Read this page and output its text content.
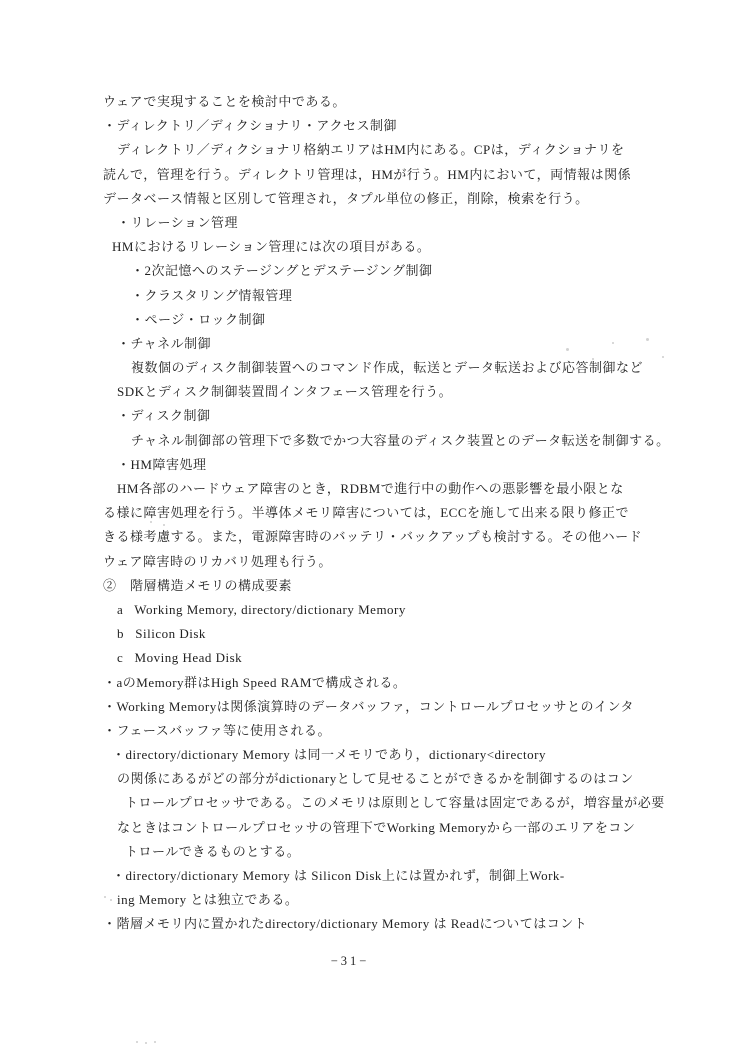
ウェアで実現することを検討中である。
・ディレクトリ／ディクショナリ・アクセス制御
ディレクトリ／ディクショナリ格納エリアはHM内にある。CPは，ディクショナリを
読んで，管理を行う。ディレクトリ管理は，HMが行う。HM内において，両情報は関係
データベース情報と区別して管理され，タプル単位の修正，削除，検索を行う。
・リレーション管理
HMにおけるリレーション管理には次の項目がある。
・2次記憶へのステージングとデステージング制御
・クラスタリング情報管理
・ページ・ロック制御
・チャネル制御
複数個のディスク制御装置へのコマンド作成，転送とデータ転送および応答制御など
SDKとディスク制御装置間インタフェース管理を行う。
・ディスク制御
チャネル制御部の管理下で多数でかつ大容量のディスク装置とのデータ転送を制御する。
・HM障害処理
HM各部のハードウェア障害のとき，RDBMで進行中の動作への悪影響を最小限とな
る様に障害処理を行う。半導体メモリ障害については，ECCを施して出来る限り修正で
きる様考慮する。また，電源障害時のバッテリ・バックアップも検討する。その他ハード
ウェア障害時のリカバリ処理も行う。
②　階層構造メモリの構成要素
a   Working Memory, directory/dictionary Memory
b   Silicon Disk
c   Moving Head Disk
・aのMemory群はHigh Speed RAMで構成される。
・Working Memoryは関係演算時のデータバッファ，コントロールプロセッサとのインタ
・フェースバッファ等に使用される。
・directory/dictionary Memory は同一メモリであり，dictionary<directory
の関係にあるがどの部分がdictionaryとして見せることができるかを制御するのはコン
トロールプロセッサである。このメモリは原則として容量は固定であるが，増容量が必要
なときはコントロールプロセッサの管理下でWorking Memoryから一部のエリアをコン
トロールできるものとする。
・directory/dictionary Memory は Silicon Disk上には置かれず，制御上Work-
ing Memory とは独立である。
・階層メモリ内に置かれたdirectory/dictionary Memory は Readについてはコント
−31−
